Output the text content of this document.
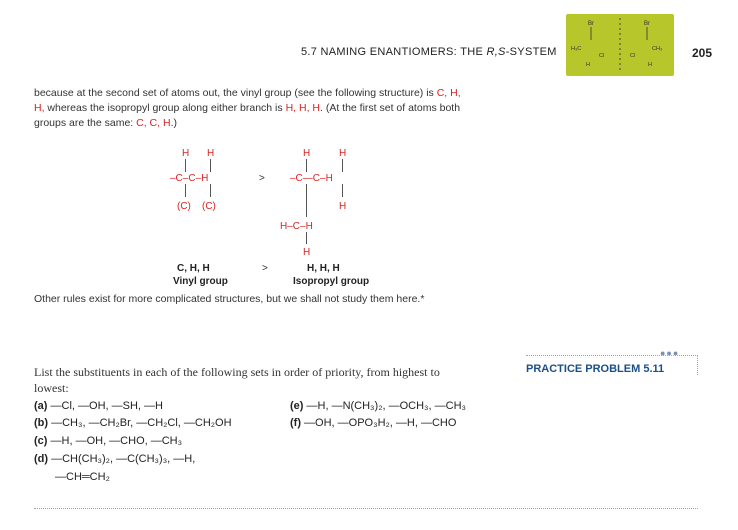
5.7 NAMING ENANTIOMERS: THE R,S-SYSTEM
Br
H₃C
Cl
H
Br
CH₃
Cl
H
205
because at the second set of atoms out, the vinyl group (see the following structure) is C, H,
H, whereas the isopropyl group along either branch is H, H, H. (At the first set of atoms both
groups are the same: C, C, H.)
H H
–C–C–H
(C) (C)
>
H	H
–C—C–H
H
H–C–H
H
C, H, H	>	H, H, H
Vinyl group	Isopropyl group
Other rules exist for more complicated structures, but we shall not study them here.*
●●●
PRACTICE PROBLEM 5.11
List the substituents in each of the following sets in order of priority, from highest to
lowest:
(a) —Cl, —OH, —SH, —H
(b) —CH₃, —CH₂Br, —CH₂Cl, —CH₂OH
(c) —H, —OH, —CHO, —CH₃
(d) —CH(CH₃)₂, —C(CH₃)₃, —H,
—CH═CH₂
(e) —H, —N(CH₃)₂, —OCH₃, —CH₃
(f) —OH, —OPO₃H₂, —H, —CHO
